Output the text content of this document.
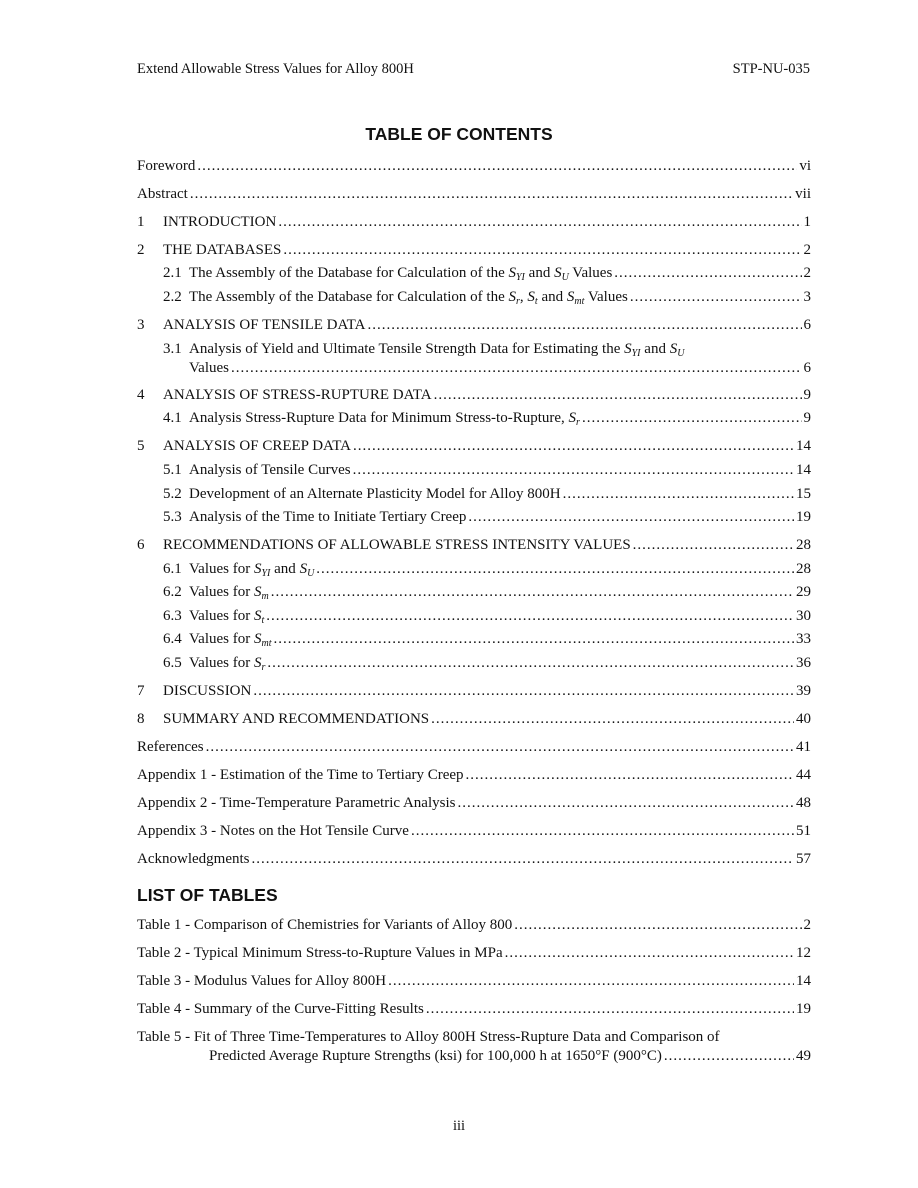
Extend Allowable Stress Values for Alloy 800H	STP-NU-035
TABLE OF CONTENTS
Foreword .....	vi
Abstract .....	vii
1	INTRODUCTION .....	1
2	THE DATABASES .....	2
2.1 The Assembly of the Database for Calculation of the $S_{YI}$ and $S_U$ Values .....	2
2.2 The Assembly of the Database for Calculation of the $S_r$, $S_t$ and $S_{mt}$ Values .....	3
3	ANALYSIS OF TENSILE DATA .....	6
3.1 Analysis of Yield and Ultimate Tensile Strength Data for Estimating the $S_{YI}$ and $S_U$
Values .....	6
4	ANALYSIS OF STRESS-RUPTURE DATA .....	9
4.1 Analysis Stress-Rupture Data for Minimum Stress-to-Rupture, $S_r$ .....	9
5	ANALYSIS OF CREEP DATA .....	14
5.1 Analysis of Tensile Curves .....	14
5.2 Development of an Alternate Plasticity Model for Alloy 800H .....	15
5.3 Analysis of the Time to Initiate Tertiary Creep .....	19
6	RECOMMENDATIONS OF ALLOWABLE STRESS INTENSITY VALUES .....	28
6.1 Values for $S_{YI}$ and $S_U$ .....	28
6.2 Values for $S_m$ .....	29
6.3 Values for $S_t$ .....	30
6.4 Values for $S_{mt}$ .....	33
6.5 Values for $S_r$ .....	36
7	DISCUSSION .....	39
8	SUMMARY AND RECOMMENDATIONS .....	40
References .....	41
Appendix 1 - Estimation of the Time to Tertiary Creep .....	44
Appendix 2 - Time-Temperature Parametric Analysis .....	48
Appendix 3 - Notes on the Hot Tensile Curve .....	51
Acknowledgments .....	57
LIST OF TABLES
Table 1 - Comparison of Chemistries for Variants of Alloy 800 .....	2
Table 2 - Typical Minimum Stress-to-Rupture Values in MPa .....	12
Table 3 - Modulus Values for Alloy 800H .....	14
Table 4 - Summary of the Curve-Fitting Results .....	19
Table 5 - Fit of Three Time-Temperatures to Alloy 800H Stress-Rupture Data and Comparison of
Predicted Average Rupture Strengths (ksi) for 100,000 h at 1650°F (900°C) .....	49
iii
